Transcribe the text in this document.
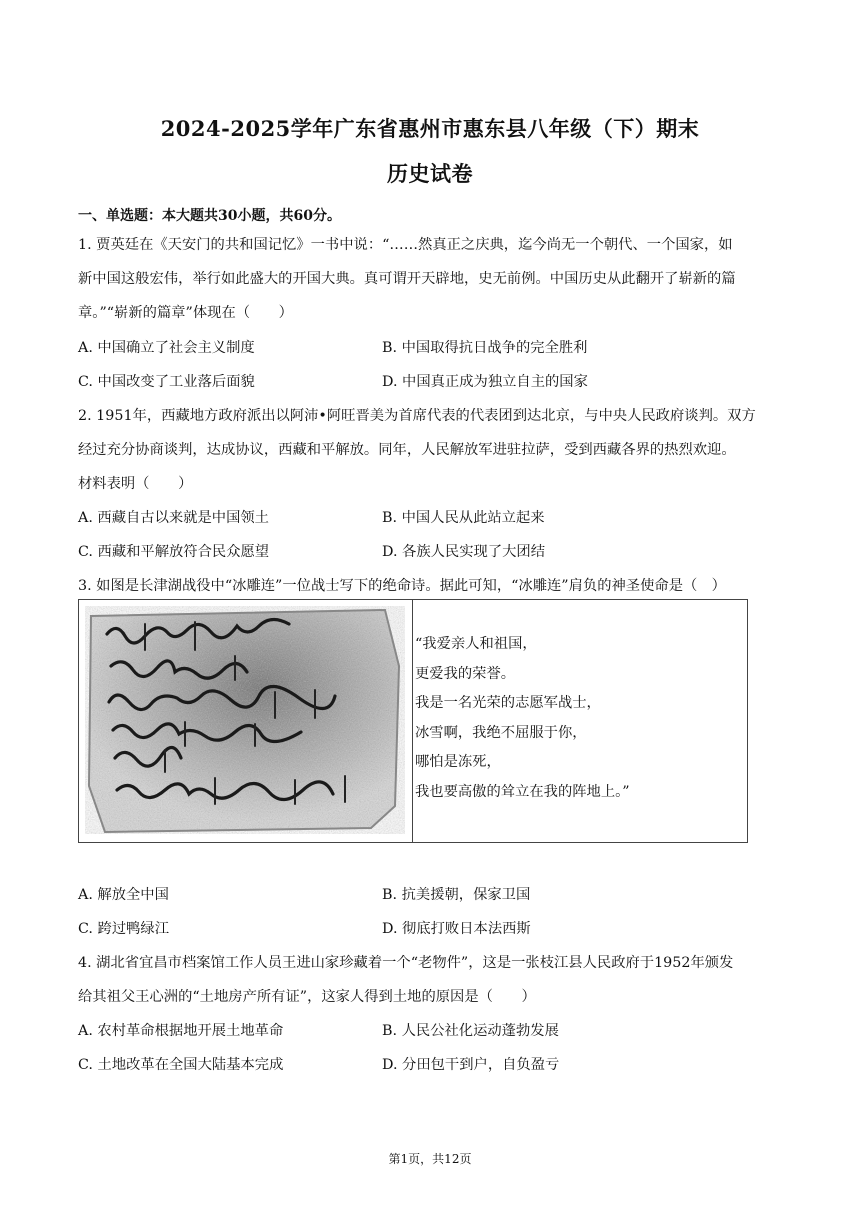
2024-2025学年广东省惠州市惠东县八年级（下）期末
历史试卷
一、单选题：本大题共30小题，共60分。
1. 贾英廷在《天安门的共和国记忆》一书中说：“……然真正之庆典，迄今尚无一个朝代、一个国家，如
新中国这般宏伟，举行如此盛大的开国大典。真可谓开天辟地，史无前例。中国历史从此翻开了崭新的篇
章。”“崭新的篇章”体现在（　　）
A. 中国确立了社会主义制度	B. 中国取得抗日战争的完全胜利
C. 中国改变了工业落后面貌	D. 中国真正成为独立自主的国家
2. 1951年，西藏地方政府派出以阿沛•阿旺晋美为首席代表的代表团到达北京，与中央人民政府谈判。双方
经过充分协商谈判，达成协议，西藏和平解放。同年，人民解放军进驻拉萨，受到西藏各界的热烈欢迎。
材料表明（　　）
A. 西藏自古以来就是中国领土	B. 中国人民从此站立起来
C. 西藏和平解放符合民众愿望	D. 各族人民实现了大团结
3. 如图是长津湖战役中“冰雕连”一位战士写下的绝命诗。据此可知，“冰雕连”肩负的神圣使命是（　）
“我爱亲人和祖国，
更爱我的荣誉。
我是一名光荣的志愿军战士，
冰雪啊，我绝不屈服于你，
哪怕是冻死，
我也要高傲的耸立在我的阵地上。”
A. 解放全中国	B. 抗美援朝，保家卫国
C. 跨过鸭绿江	D. 彻底打败日本法西斯
4. 湖北省宜昌市档案馆工作人员王进山家珍藏着一个“老物件”，这是一张枝江县人民政府于1952年颁发
给其祖父王心洲的“土地房产所有证”，这家人得到土地的原因是（　　）
A. 农村革命根据地开展土地革命	B. 人民公社化运动蓬勃发展
C. 土地改革在全国大陆基本完成	D. 分田包干到户，自负盈亏
第1页，共12页
